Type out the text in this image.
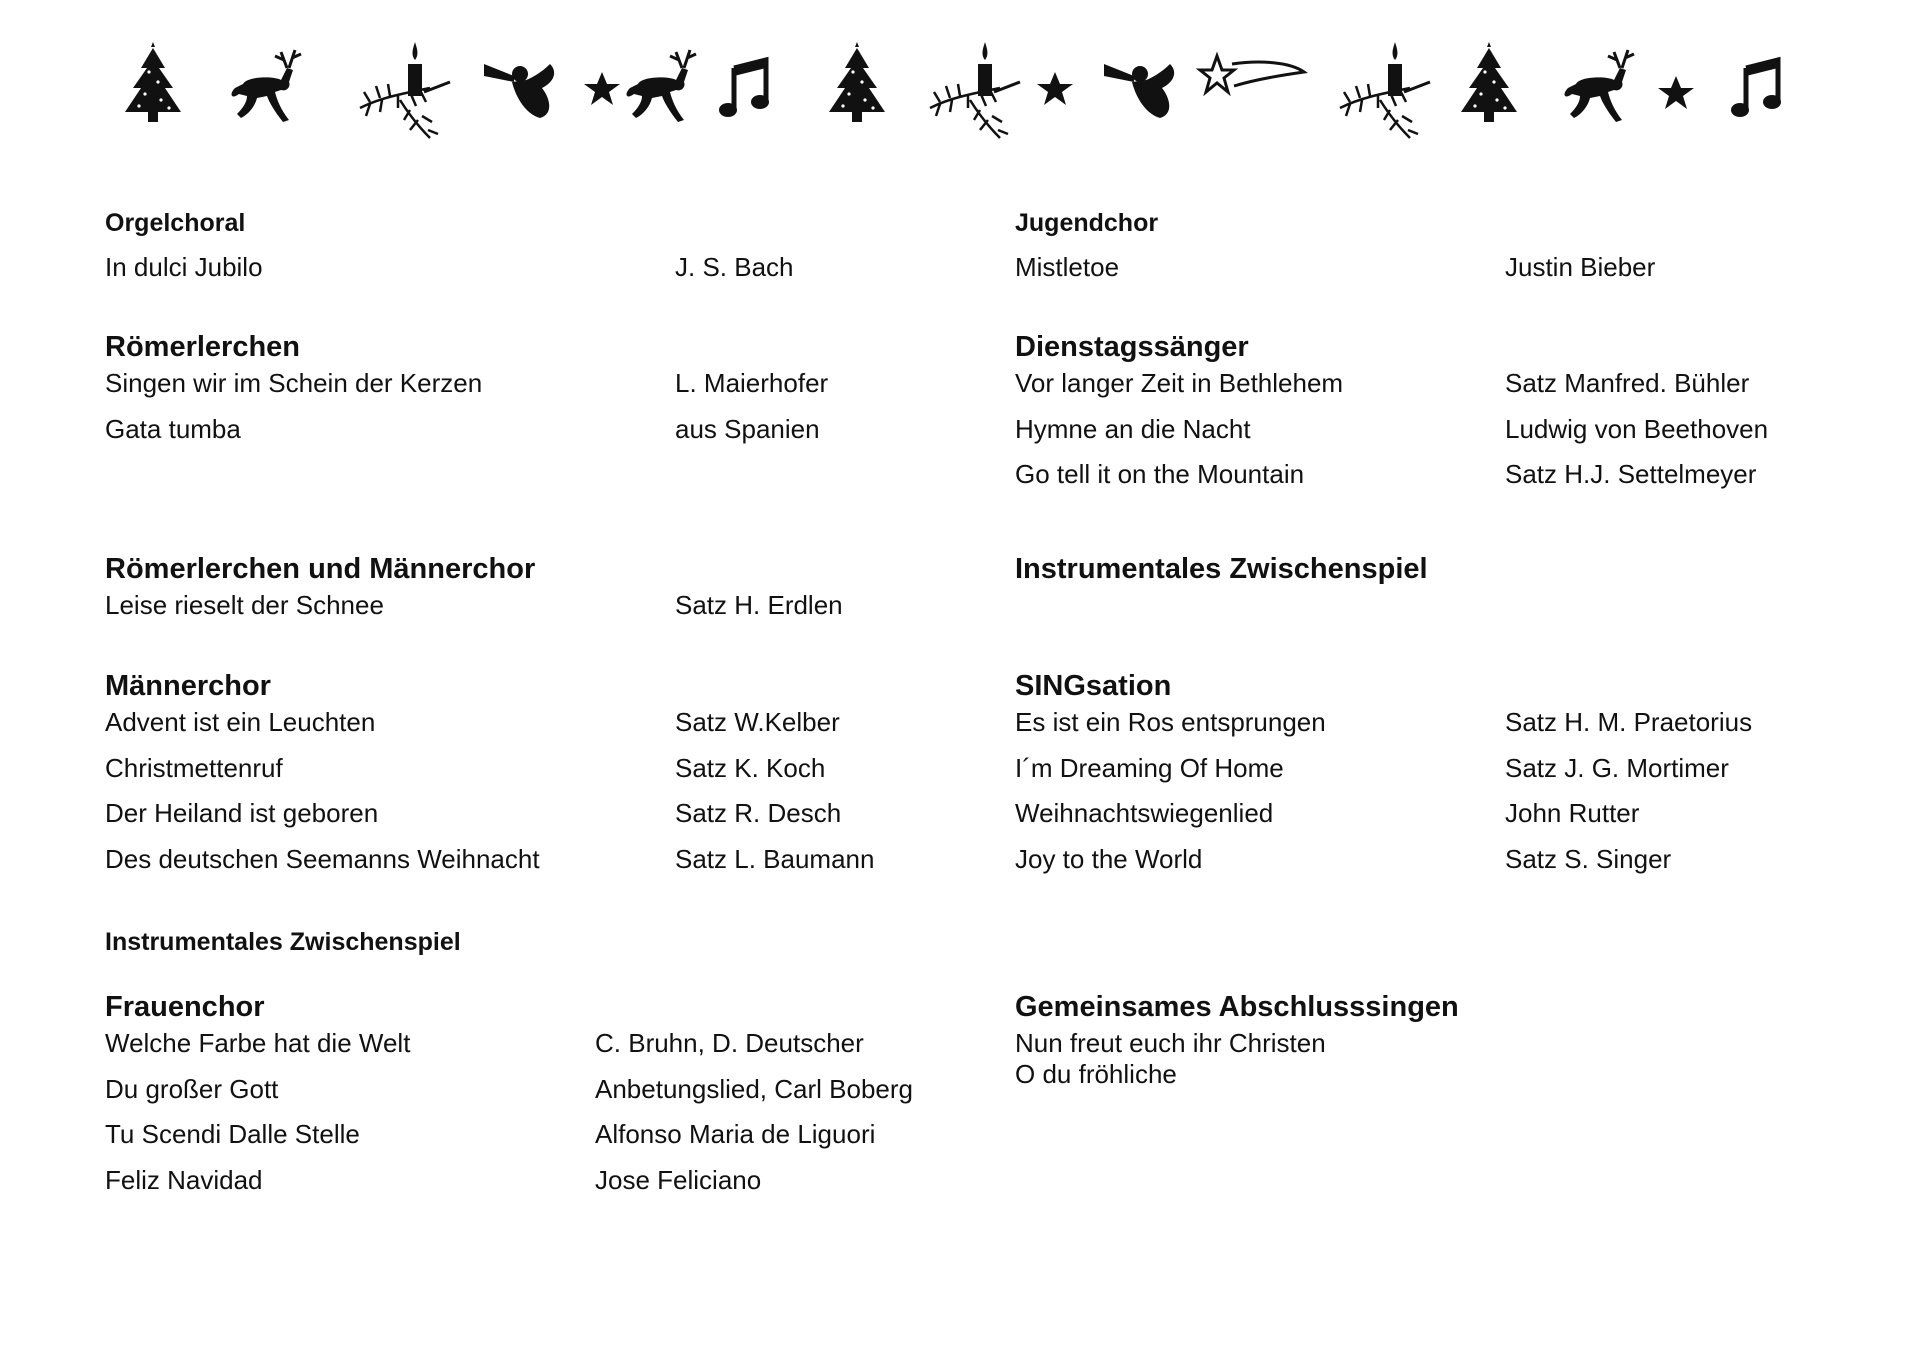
Orgelchoral
In dulci Jubilo	J. S. Bach
Römerlerchen
Singen wir im Schein der Kerzen	L. Maierhofer
Gata tumba	aus Spanien
Römerlerchen und Männerchor
Leise rieselt der Schnee	Satz H. Erdlen
Männerchor
Advent ist ein Leuchten	Satz W.Kelber
Christmettenruf	Satz K. Koch
Der Heiland ist geboren	Satz R. Desch
Des deutschen Seemanns Weihnacht	Satz L. Baumann
Instrumentales Zwischenspiel
Frauenchor
Welche Farbe hat die Welt	C. Bruhn, D. Deutscher
Du großer Gott	Anbetungslied, Carl Boberg
Tu Scendi Dalle Stelle	Alfonso Maria de Liguori
Feliz Navidad	Jose Feliciano
Jugendchor
Mistletoe	Justin Bieber
Dienstagssänger
Vor langer Zeit in Bethlehem	Satz Manfred. Bühler
Hymne an die Nacht	Ludwig von Beethoven
Go tell it on the Mountain	Satz H.J. Settelmeyer
Instrumentales Zwischenspiel
SINGsation
Es ist ein Ros entsprungen	Satz H. M. Praetorius
I´m Dreaming Of Home	Satz J. G. Mortimer
Weihnachtswiegenlied	John Rutter
Joy to the World	Satz S. Singer
Gemeinsames Abschlusssingen
Nun freut euch ihr Christen
O du fröhliche
